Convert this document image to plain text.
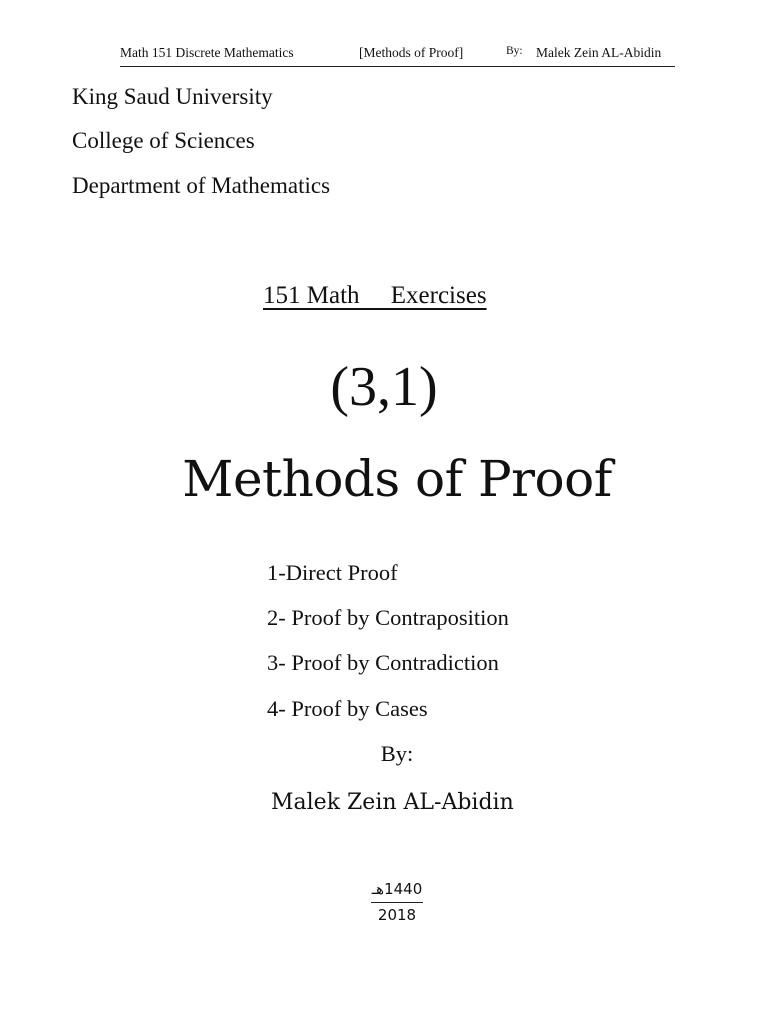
Math 151 Discrete Mathematics	[Methods of Proof]	By: Malek Zein AL-Abidin
King Saud University
College of Sciences
Department of Mathematics
151 Math     Exercises
(3,1)
Methods of Proof
1-Direct Proof
2- Proof by Contraposition
3- Proof by Contradiction
4- Proof by Cases
By:
Malek Zein AL-Abidin
1440هـ
2018
